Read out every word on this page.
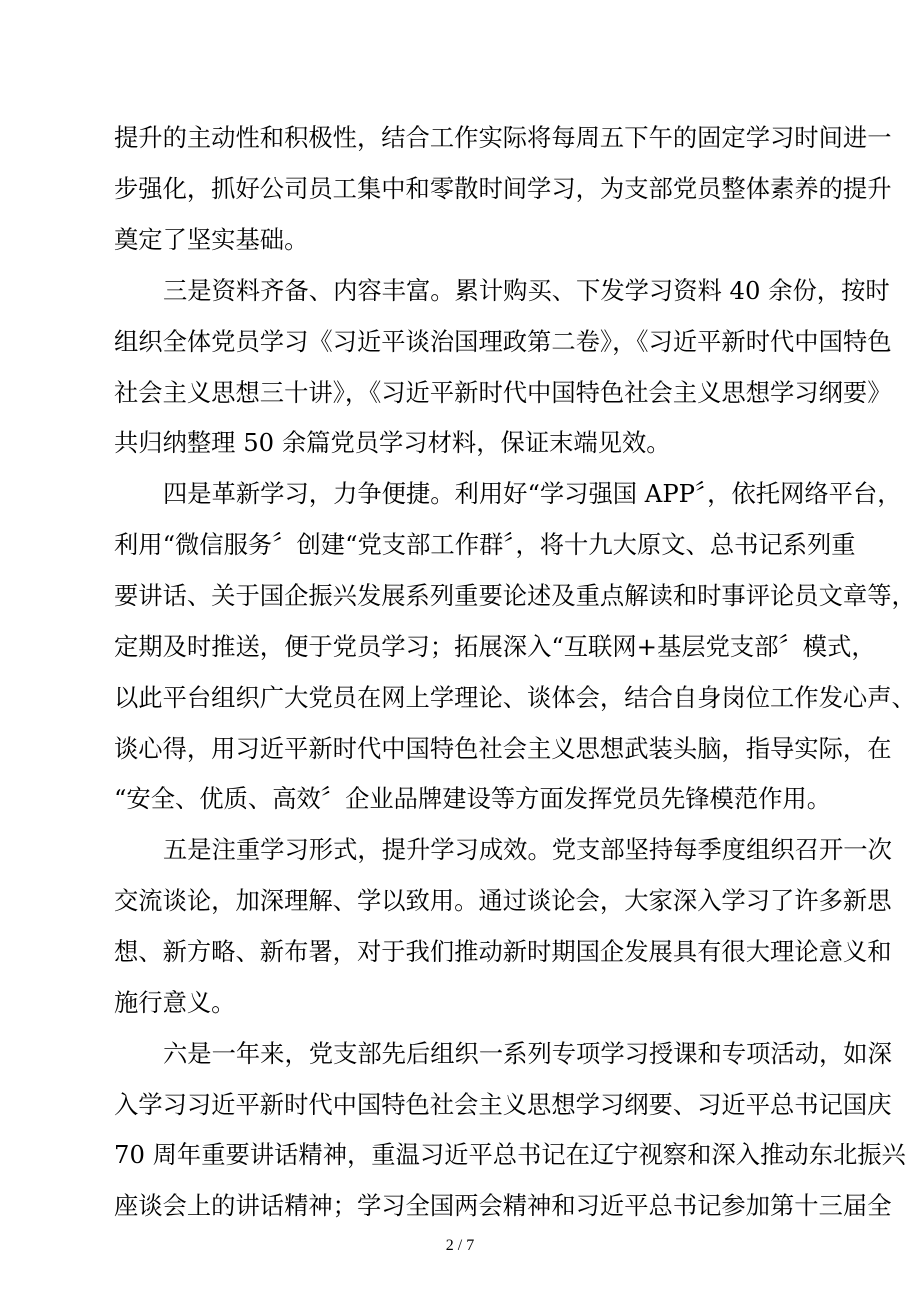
提升的主动性和积极性，结合工作实际将每周五下午的固定学习时间进一
步强化，抓好公司员工集中和零散时间学习，为支部党员整体素养的提升
奠定了坚实基础。
三是资料齐备、内容丰富。累计购买、下发学习资料 40 余份，按时
组织全体党员学习《习近平谈治国理政第二卷》，《习近平新时代中国特色
社会主义思想三十讲》，《习近平新时代中国特色社会主义思想学习纲要》
共归纳整理 50 余篇党员学习材料，保证末端见效。
四是革新学习，力争便捷。利用好“学习强国 APP〞，依托网络平台，
利用“微信服务〞创建“党支部工作群〞，将十九大原文、总书记系列重
要讲话、关于国企振兴发展系列重要论述及重点解读和时事评论员文章等，
定期及时推送，便于党员学习；拓展深入“互联网+基层党支部〞模式，
以此平台组织广大党员在网上学理论、谈体会，结合自身岗位工作发心声、
谈心得，用习近平新时代中国特色社会主义思想武装头脑，指导实际，在
“安全、优质、高效〞企业品牌建设等方面发挥党员先锋模范作用。
五是注重学习形式，提升学习成效。党支部坚持每季度组织召开一次
交流谈论，加深理解、学以致用。通过谈论会，大家深入学习了许多新思
想、新方略、新布署，对于我们推动新时期国企发展具有很大理论意义和
施行意义。
六是一年来，党支部先后组织一系列专项学习授课和专项活动，如深
入学习习近平新时代中国特色社会主义思想学习纲要、习近平总书记国庆
70 周年重要讲话精神，重温习近平总书记在辽宁视察和深入推动东北振兴
座谈会上的讲话精神；学习全国两会精神和习近平总书记参加第十三届全
2 / 7
